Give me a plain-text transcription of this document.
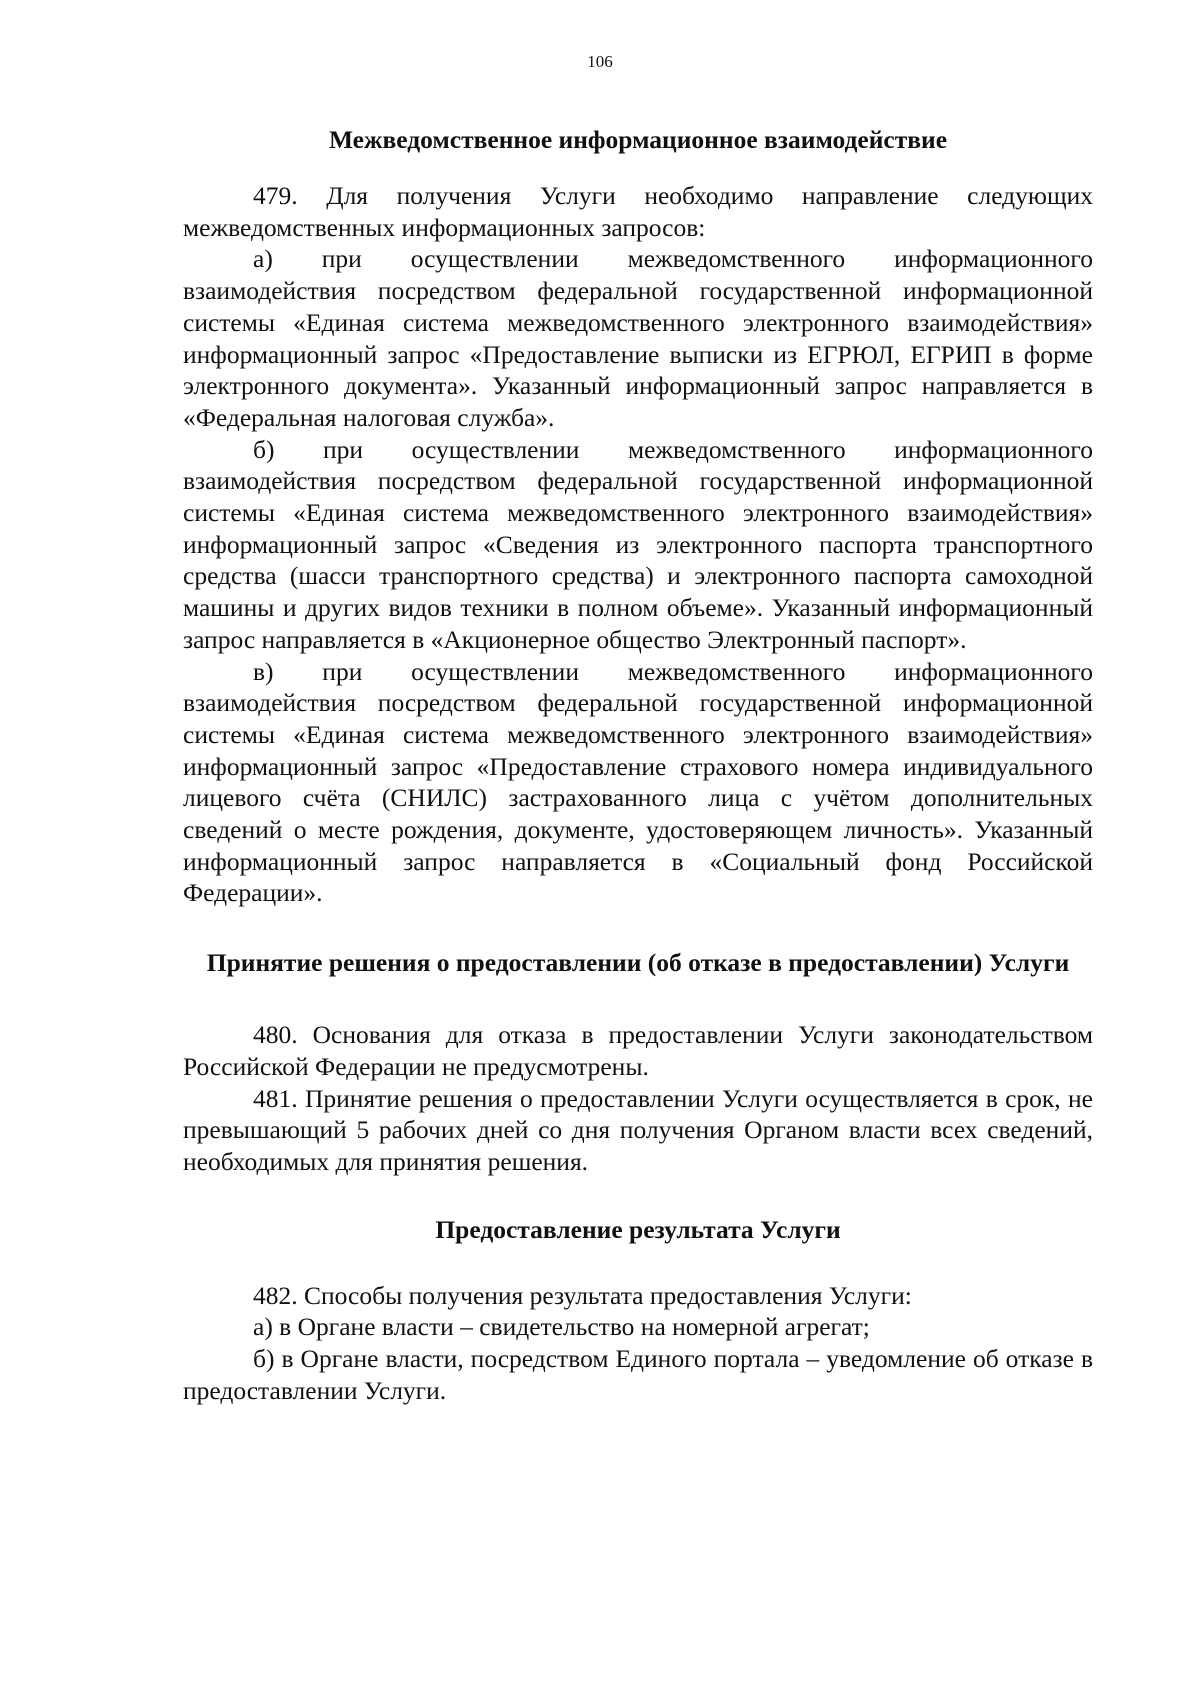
106
Межведомственное информационное взаимодействие

479. Для получения Услуги необходимо направление следующих межведомственных информационных запросов:

а) при осуществлении межведомственного информационного взаимодействия посредством федеральной государственной информационной системы «Единая система межведомственного электронного взаимодействия» информационный запрос «Предоставление выписки из ЕГРЮЛ, ЕГРИП в форме электронного документа». Указанный информационный запрос направляется в «Федеральная налоговая служба».

б) при осуществлении межведомственного информационного взаимодействия посредством федеральной государственной информационной системы «Единая система межведомственного электронного взаимодействия» информационный запрос «Сведения из электронного паспорта транспортного средства (шасси транспортного средства) и электронного паспорта самоходной машины и других видов техники в полном объеме». Указанный информационный запрос направляется в «Акционерное общество Электронный паспорт».

в) при осуществлении межведомственного информационного взаимодействия посредством федеральной государственной информационной системы «Единая система межведомственного электронного взаимодействия» информационный запрос «Предоставление страхового номера индивидуального лицевого счёта (СНИЛС) застрахованного лица с учётом дополнительных сведений о месте рождения, документе, удостоверяющем личность». Указанный информационный запрос направляется в «Социальный фонд Российской Федерации».

Принятие решения о предоставлении (об отказе в предоставлении) Услуги

480. Основания для отказа в предоставлении Услуги законодательством Российской Федерации не предусмотрены.

481. Принятие решения о предоставлении Услуги осуществляется в срок, не превышающий 5 рабочих дней со дня получения Органом власти всех сведений, необходимых для принятия решения.

Предоставление результата Услуги

482. Способы получения результата предоставления Услуги:

а) в Органе власти – свидетельство на номерной агрегат;

б) в Органе власти, посредством Единого портала – уведомление об отказе в предоставлении Услуги.
